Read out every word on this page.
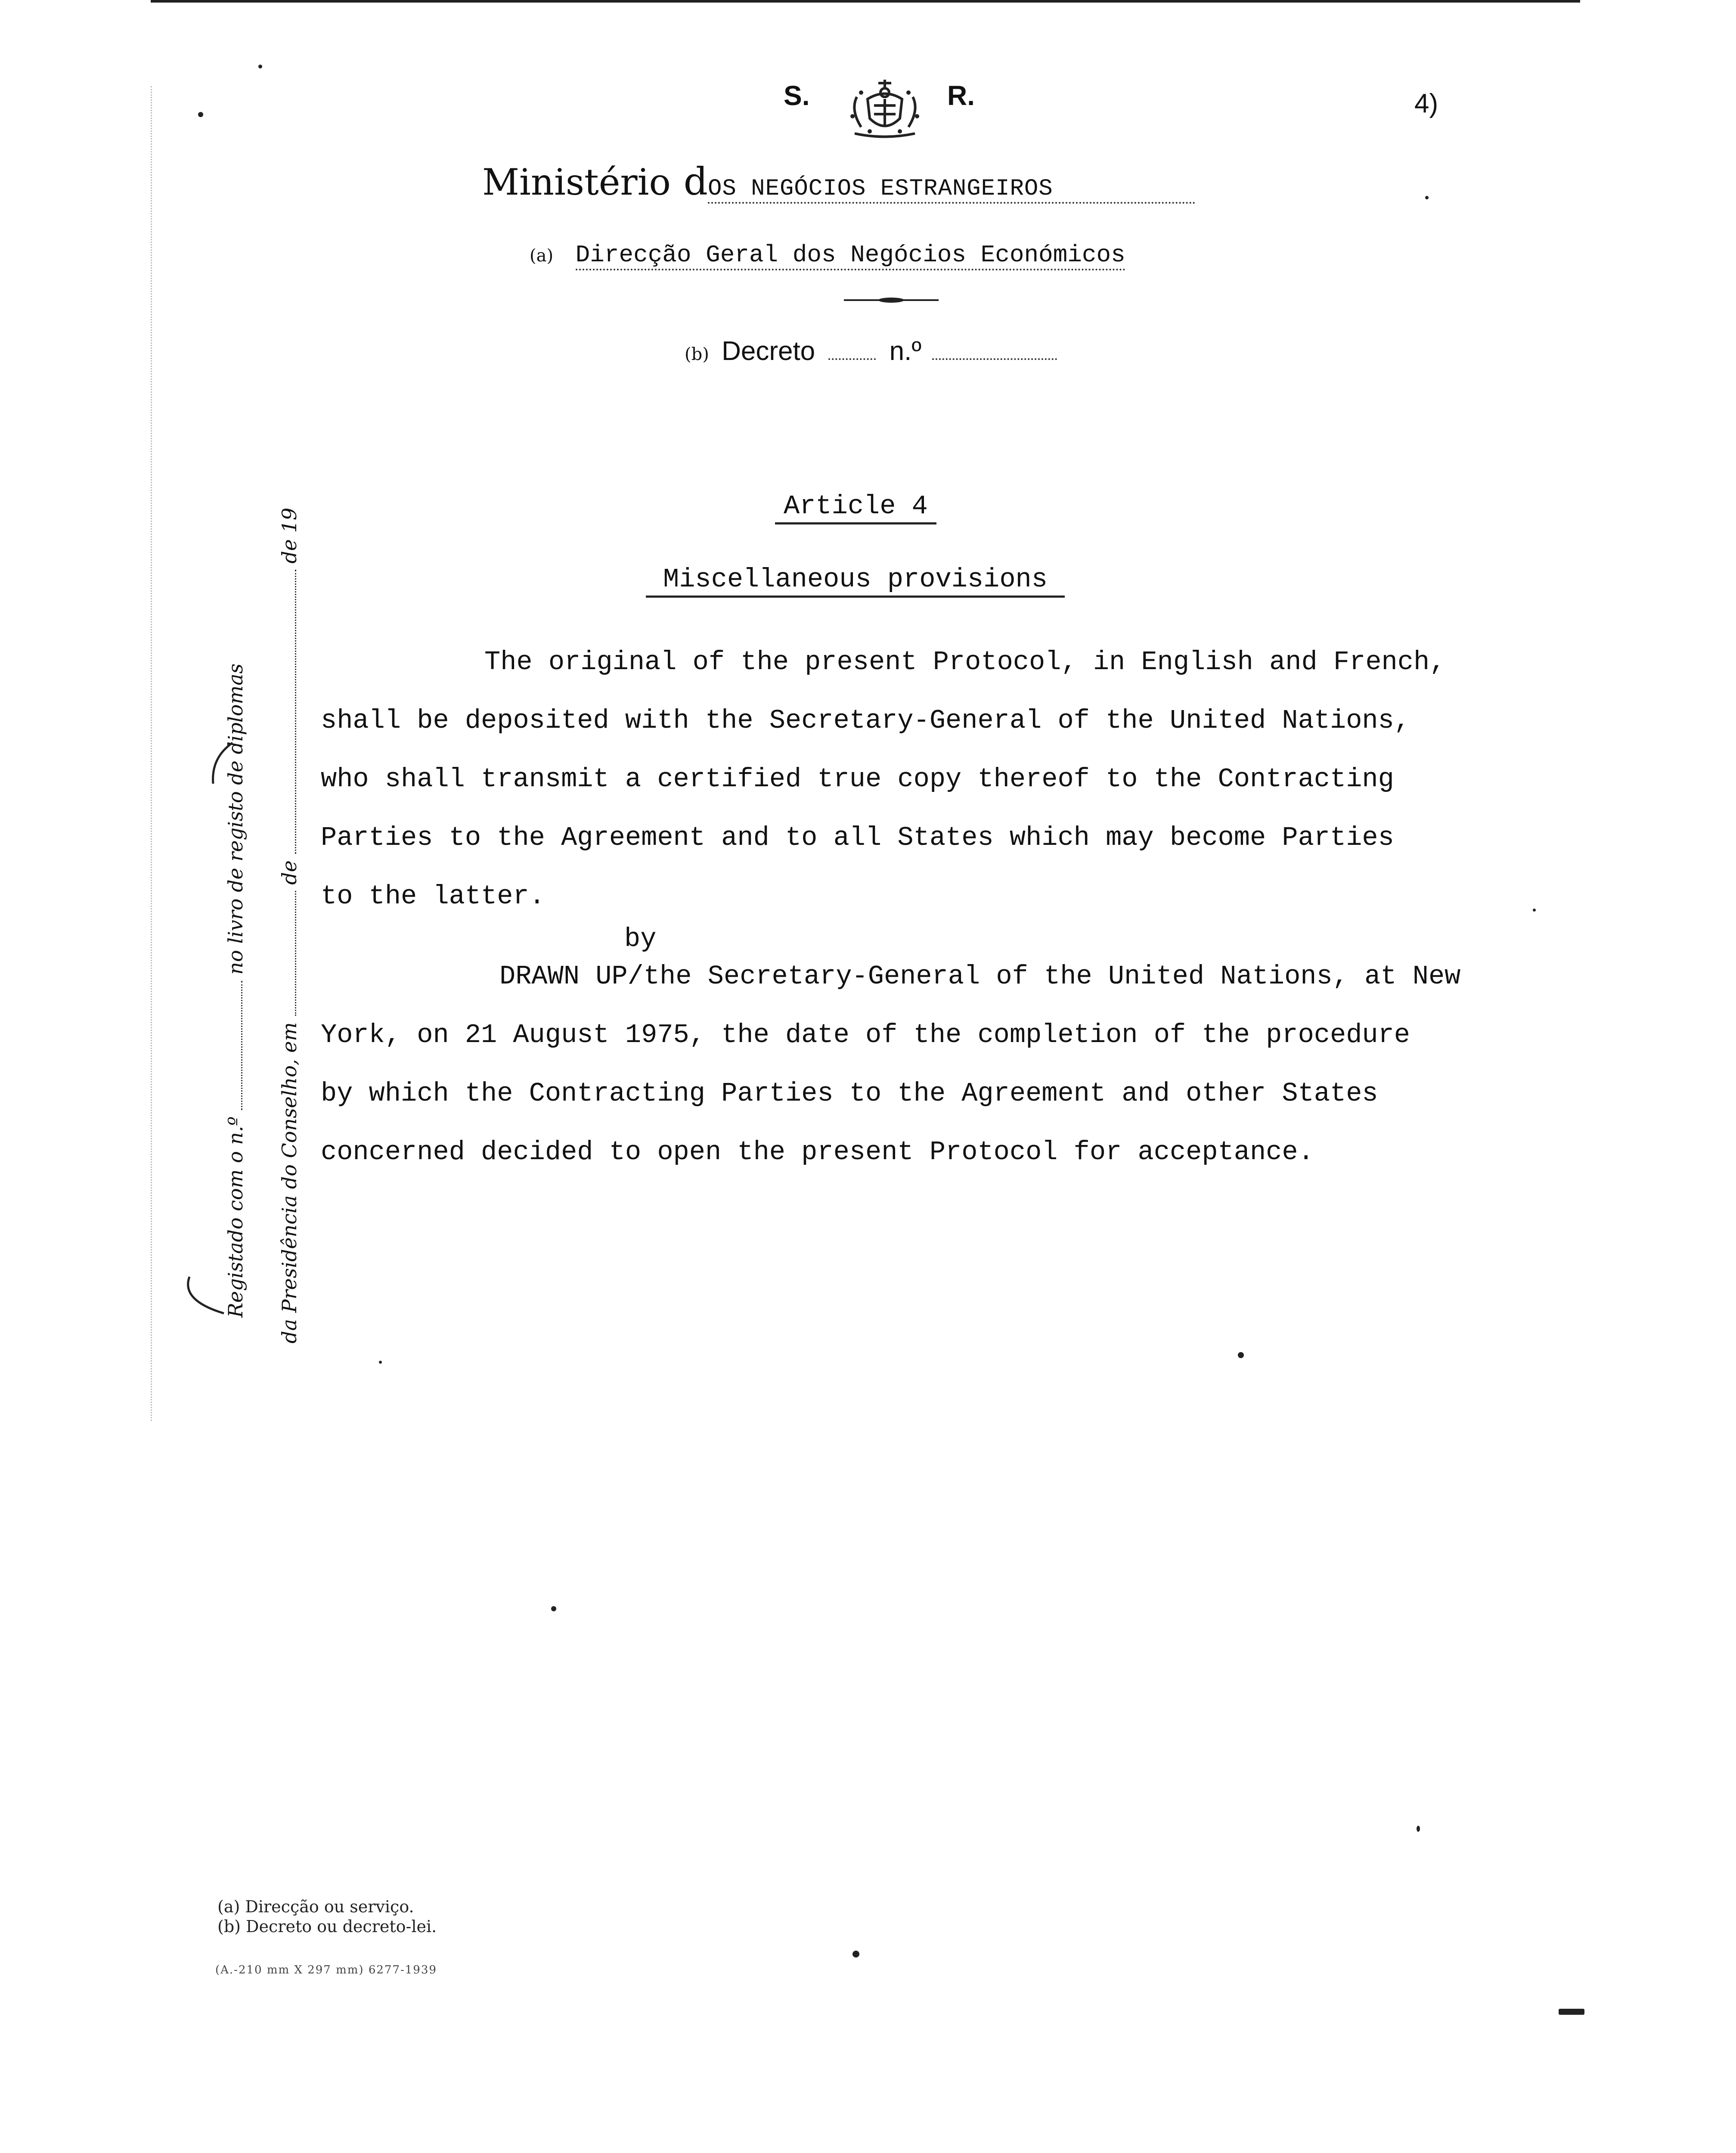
S.	R.	4)
Ministério dOS NEGÓCIOS ESTRANGEIROS
(a) Direcção Geral dos Negócios Económicos
(b) Decreto	n.º
Article 4
Miscellaneous provisions
The original of the present Protocol, in English and French,
shall be deposited with the Secretary-General of the United Nations,
who shall transmit a certified true copy thereof to the Contracting
Parties to the Agreement and to all States which may become Parties
to the latter.
by
DRAWN UP/the Secretary-General of the United Nations, at New
York, on 21 August 1975, the date of the completion of the procedure
by which the Contracting Parties to the Agreement and other States
concerned decided to open the present Protocol for acceptance.
Registado com o n.º  no livro de registo de diplomas
da Presidência do Conselho, em  de  de 19
(a) Direcção ou serviço.
(b) Decreto ou decreto-lei.
(A.-210 mm X 297 mm) 6277-1939
